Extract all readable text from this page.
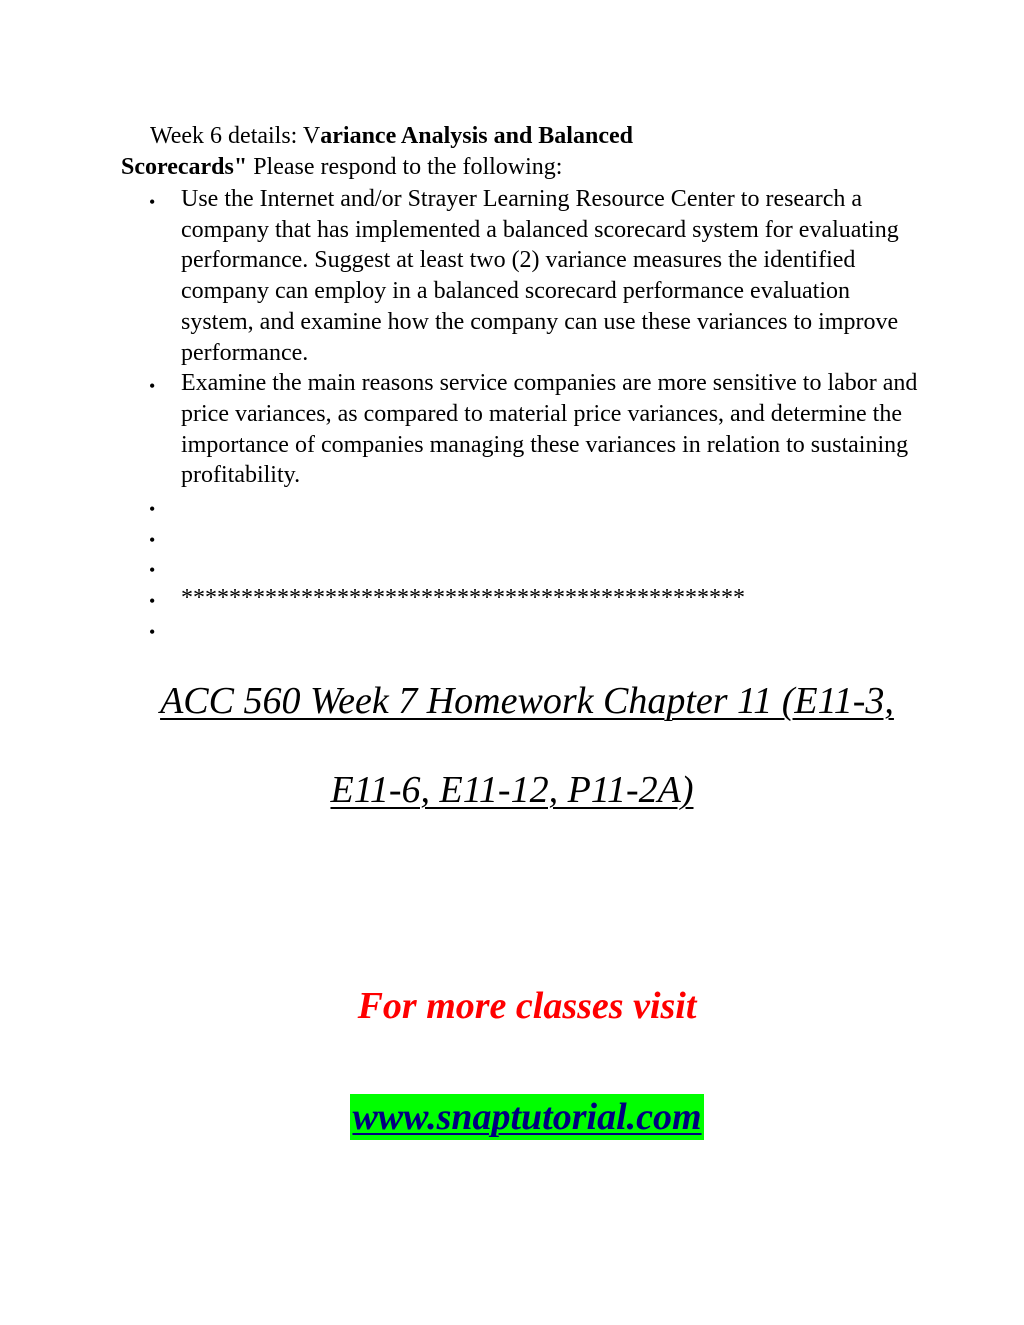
Week 6 details: Variance Analysis and Balanced
Scorecards" Please respond to the following:
• Use the Internet and/or Strayer Learning Resource Center to research a company that has implemented a balanced scorecard system for evaluating performance. Suggest at least two (2) variance measures the identified company can employ in a balanced scorecard performance evaluation system, and examine how the company can use these variances to improve performance.
• Examine the main reasons service companies are more sensitive to labor and price variances, as compared to material price variances, and determine the importance of companies managing these variances in relation to sustaining profitability.
•
•
•
• ***********************************************
•
ACC 560 Week 7 Homework Chapter 11 (E11-3,
E11-6, E11-12, P11-2A)
For more classes visit
www.snaptutorial.com
